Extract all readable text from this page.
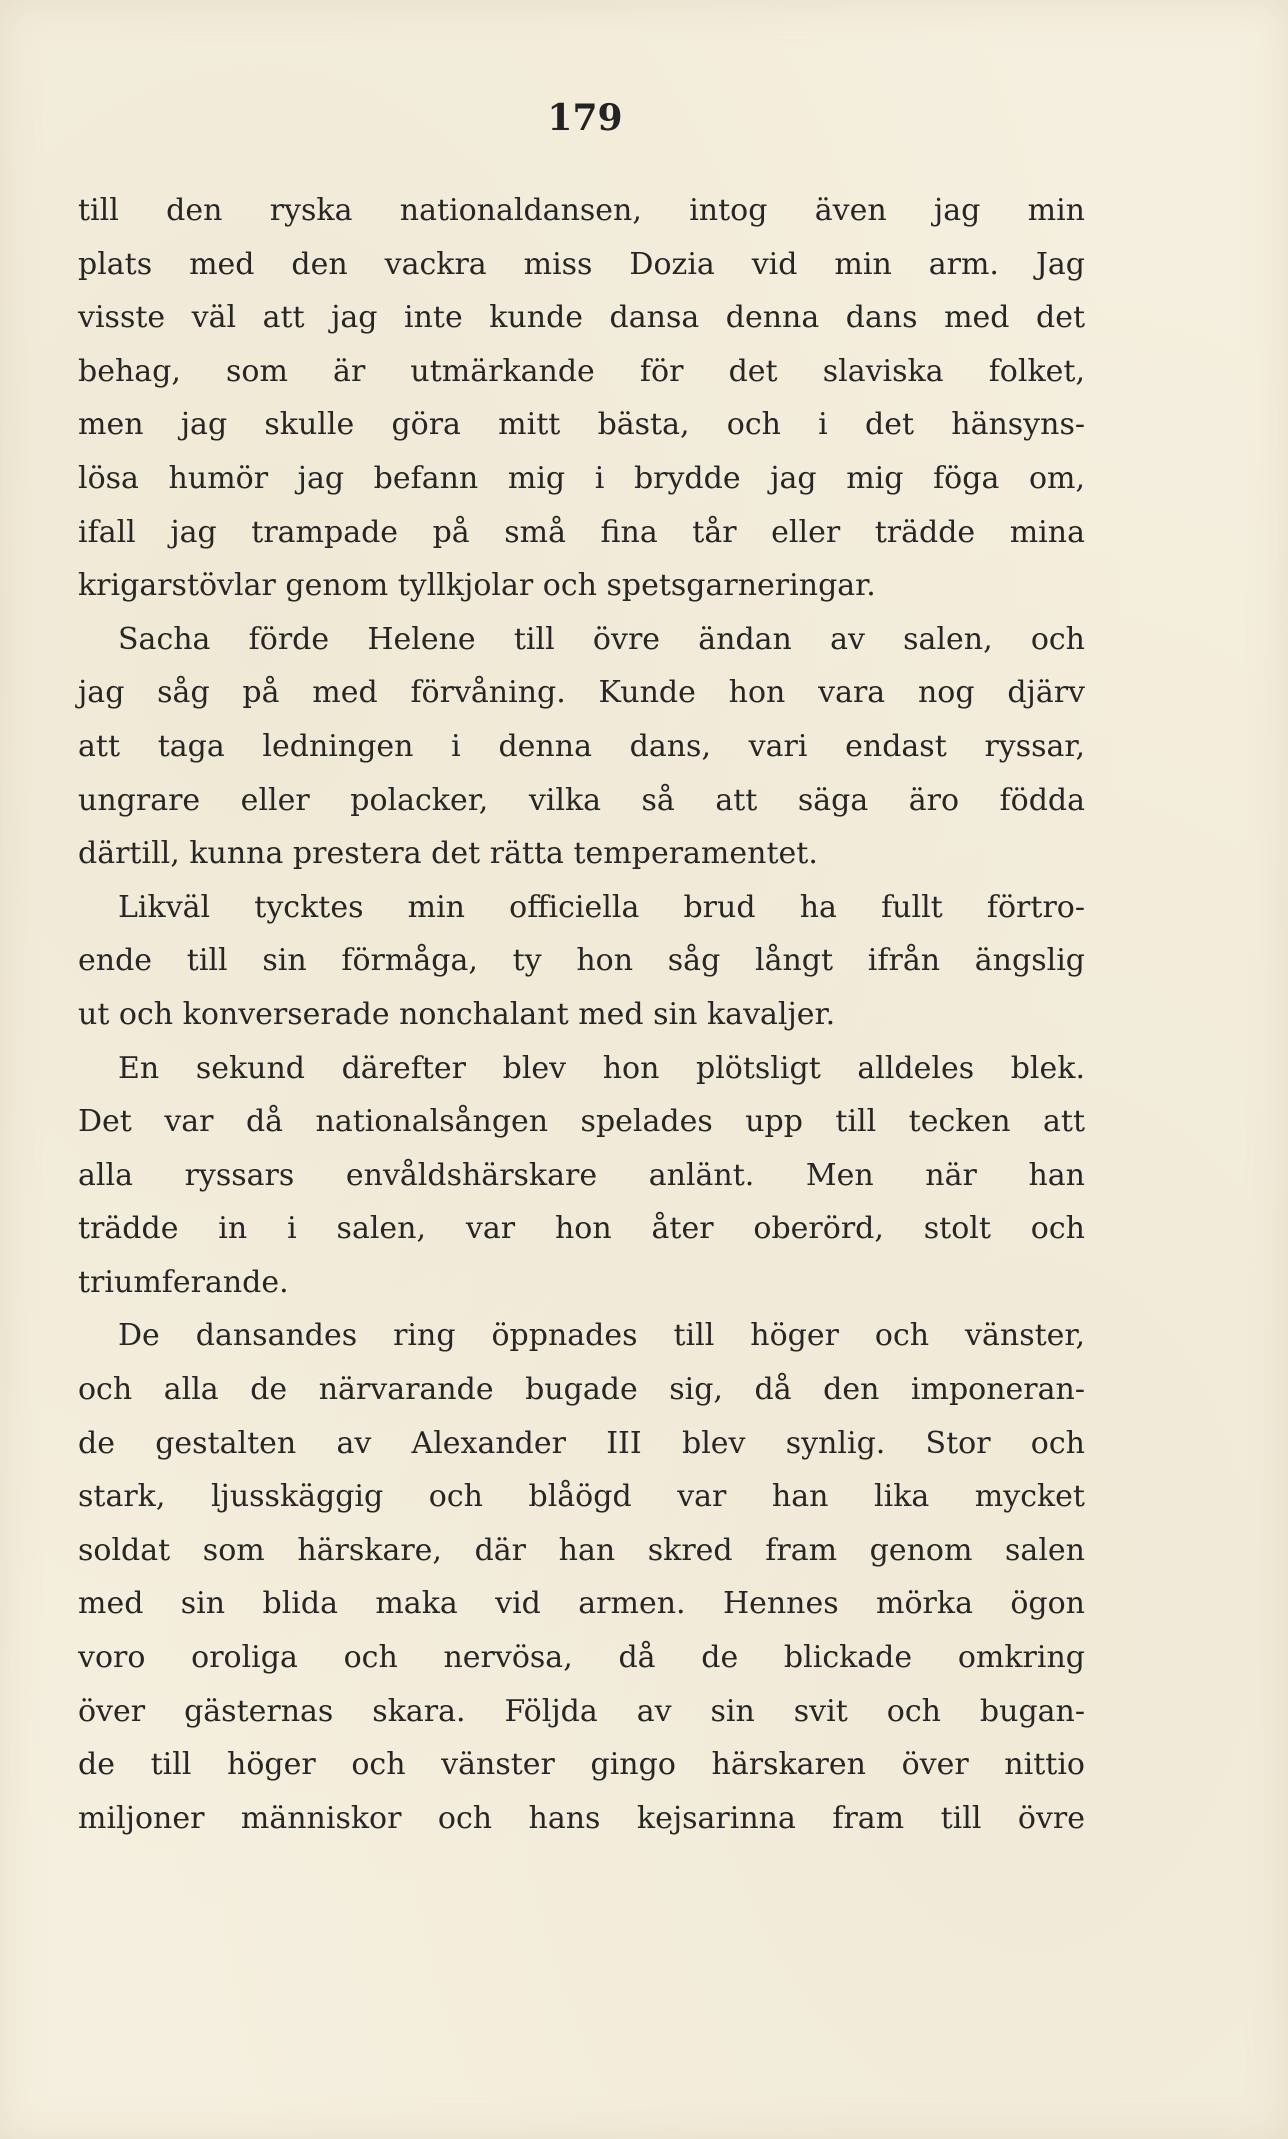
179
till den ryska nationaldansen, intog även jag min
plats med den vackra miss Dozia vid min arm. Jag
visste väl att jag inte kunde dansa denna dans med det
behag, som är utmärkande för det slaviska folket,
men jag skulle göra mitt bästa, och i det hänsyns-
lösa humör jag befann mig i brydde jag mig föga om,
ifall jag trampade på små fina tår eller trädde mina
krigarstövlar genom tyllkjolar och spetsgarneringar.
Sacha förde Helene till övre ändan av salen, och
jag såg på med förvåning. Kunde hon vara nog djärv
att taga ledningen i denna dans, vari endast ryssar,
ungrare eller polacker, vilka så att säga äro födda
därtill, kunna prestera det rätta temperamentet.
Likväl tycktes min officiella brud ha fullt förtro-
ende till sin förmåga, ty hon såg långt ifrån ängslig
ut och konverserade nonchalant med sin kavaljer.
En sekund därefter blev hon plötsligt alldeles blek.
Det var då nationalsången spelades upp till tecken att
alla ryssars envåldshärskare anlänt. Men när han
trädde in i salen, var hon åter oberörd, stolt och
triumferande.
De dansandes ring öppnades till höger och vänster,
och alla de närvarande bugade sig, då den imponeran-
de gestalten av Alexander III blev synlig. Stor och
stark, ljusskäggig och blåögd var han lika mycket
soldat som härskare, där han skred fram genom salen
med sin blida maka vid armen. Hennes mörka ögon
voro oroliga och nervösa, då de blickade omkring
över gästernas skara. Följda av sin svit och bugan-
de till höger och vänster gingo härskaren över nittio
miljoner människor och hans kejsarinna fram till övre
